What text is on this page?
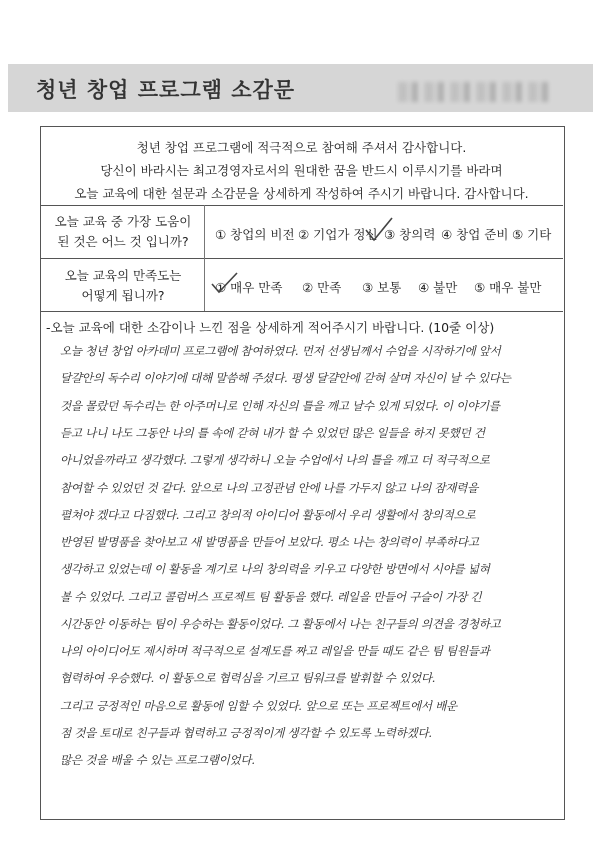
청년 창업 프로그램 소감문
청년 창업 프로그램에 적극적으로 참여해 주셔서 감사합니다.
당신이 바라시는 최고경영자로서의 원대한 꿈을 반드시 이루시기를 바라며
오늘 교육에 대한 설문과 소감문을 상세하게 작성하여 주시기 바랍니다. 감사합니다.
오늘 교육 중 가장 도움이
된 것은 어느 것 입니까?	① 창업의 비전 ② 기업가 정신 ③ 창의력 ④ 창업 준비 ⑤ 기타
오늘 교육의 만족도는
어떻게 됩니까?
① 매우 만족 ② 만족 ③ 보통 ④ 불만 ⑤ 매우 불만
-오늘 교육에 대한 소감이나 느낀 점을 상세하게 적어주시기 바랍니다. (10줄 이상)
오늘 청년 창업 아카데미 프로그램에 참여하였다. 먼저 선생님께서 수업을 시작하기에 앞서
달걀안의 독수리 이야기에 대해 말씀해 주셨다. 평생 달걀안에 갇혀 살며 자신이 날 수 있다는
것을 몰랐던 독수리는 한 아주머니로 인해 자신의 틀을 깨고 날수 있게 되었다. 이 이야기를
듣고 나니 나도 그동안 나의 틀 속에 갇혀 내가 할 수 있었던 많은 일들을 하지 못했던 건
아니었을까라고 생각했다. 그렇게 생각하니 오늘 수업에서 나의 틀을 깨고 더 적극적으로
참여할 수 있었던 것 같다. 앞으로 나의 고정관념 안에 나를 가두지 않고 나의 잠재력을
펼쳐야 겠다고 다짐했다. 그리고 창의적 아이디어 활동에서 우리 생활에서 창의적으로
반영된 발명품을 찾아보고 새 발명품을 만들어 보았다. 평소 나는 창의력이 부족하다고
생각하고 있었는데 이 활동을 계기로 나의 창의력을 키우고 다양한 방면에서 시야를 넓혀
볼 수 있었다. 그리고 콜럼버스 프로젝트 팀 활동을 했다. 레일을 만들어 구슬이 가장 긴
시간동안 이동하는 팀이 우승하는 활동이었다. 그 활동에서 나는 친구들의 의견을 경청하고
나의 아이디어도 제시하며 적극적으로 설계도를 짜고 레일을 만들 때도 같은 팀 팀원들과
협력하여 우승했다. 이 활동으로 협력심을 기르고 팀워크를 발휘할 수 있었다.
그리고 긍정적인 마음으로 활동에 임할 수 있었다. 앞으로 또는 프로젝트에서 배운
점 것을 토대로 친구들과 협력하고 긍정적이게 생각할 수 있도록 노력하겠다.
많은 것을 배울 수 있는 프로그램이었다.
